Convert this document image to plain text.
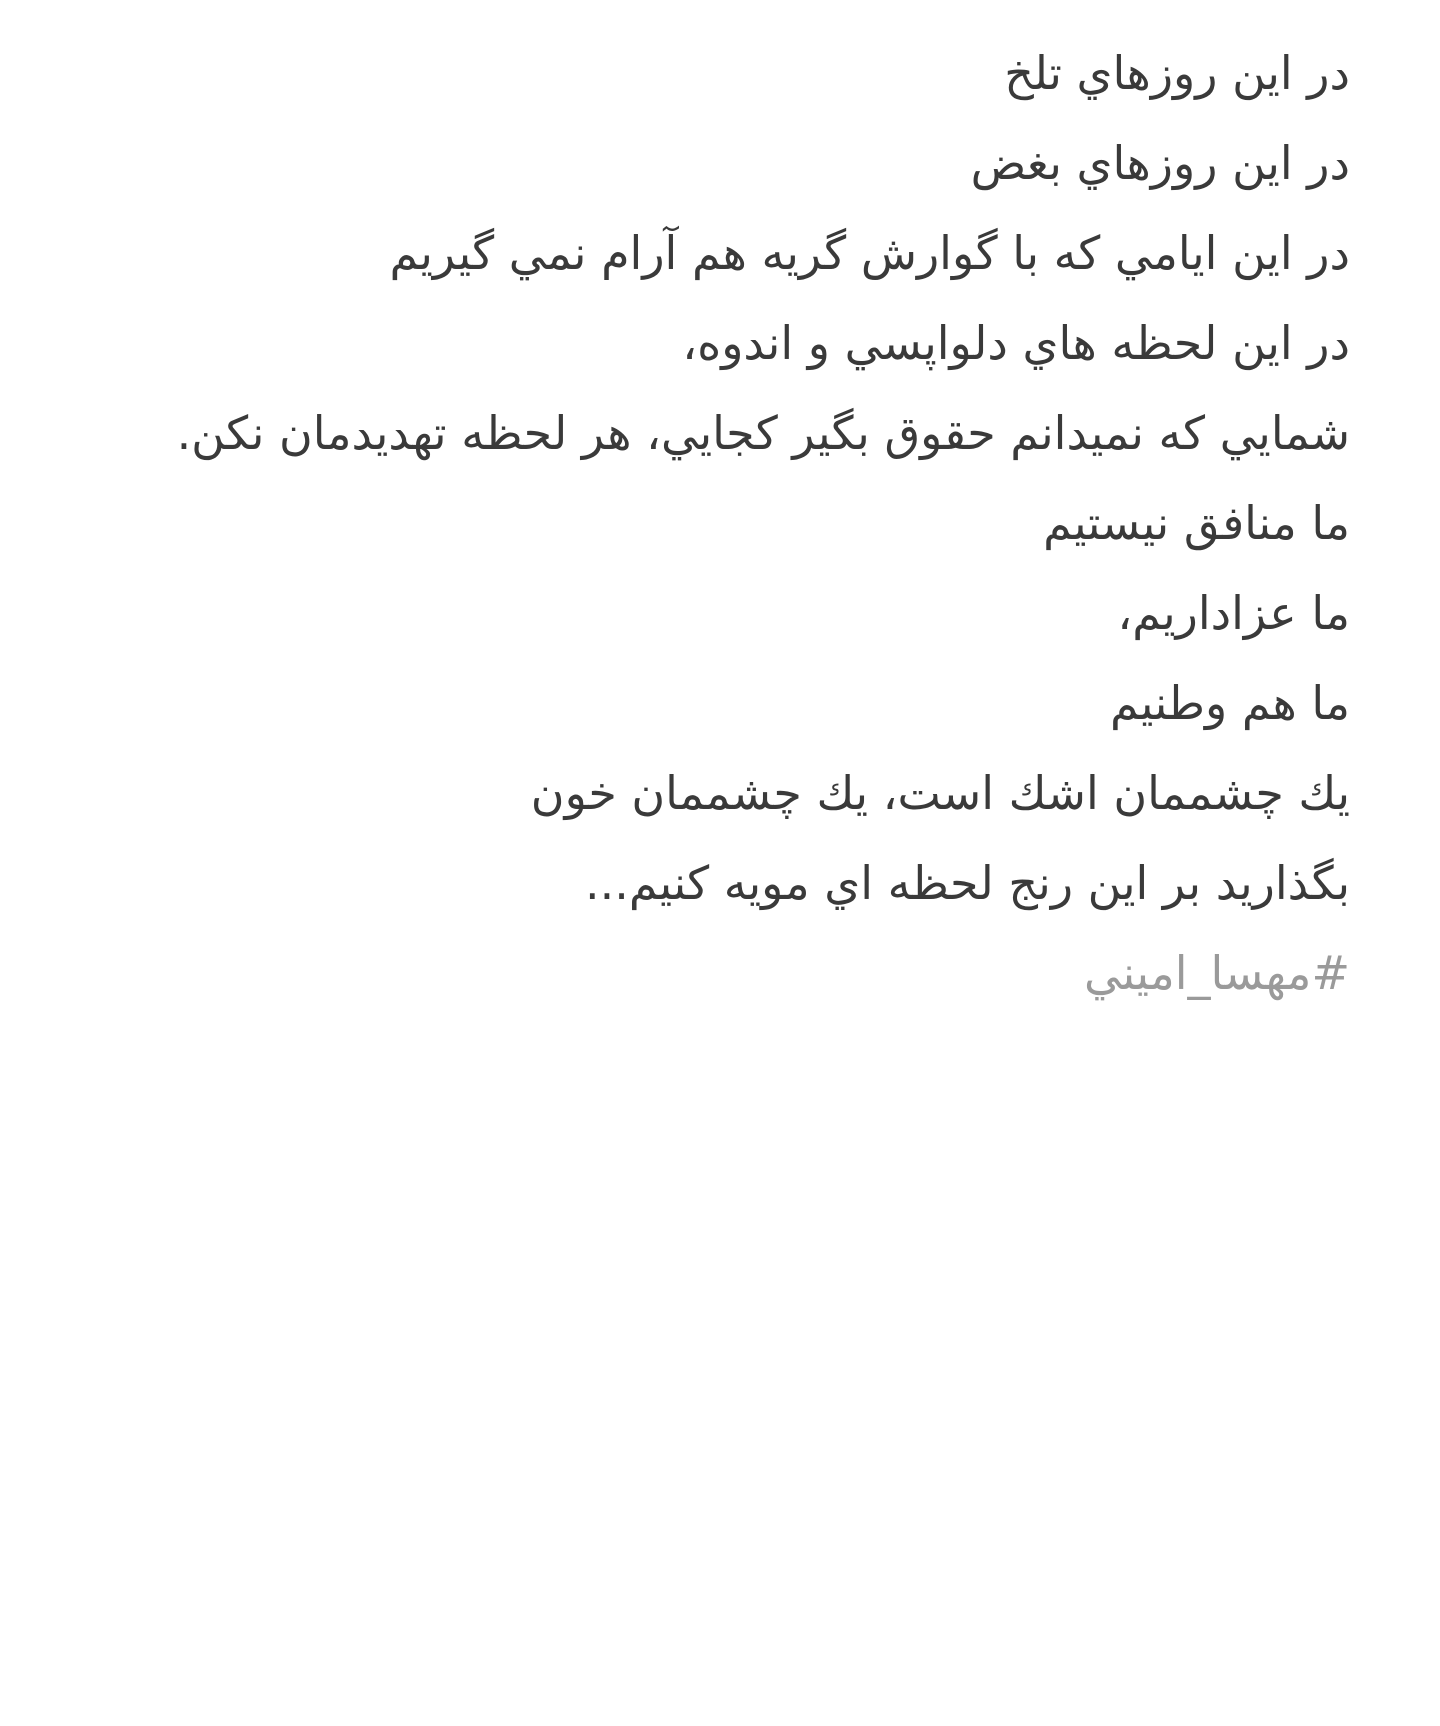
در این روزهاي تلخ
در این روزهاي بغض
در این ایامي كه با گوارش گریه هم آرام نمي گیریم
در این لحظه هاي دلواپسي و اندوه،
شمايي كه نمیدانم حقوق بگیر كجايي، هر لحظه تهدیدمان نكن.
ما منافق نیستیم
ما عزاداریم،
ما هم وطنیم
یك چشممان اشك است، یك چشممان خون
بگذارید بر این رنج لحظه اي مویه كنیم...
#مهسا_اميني
